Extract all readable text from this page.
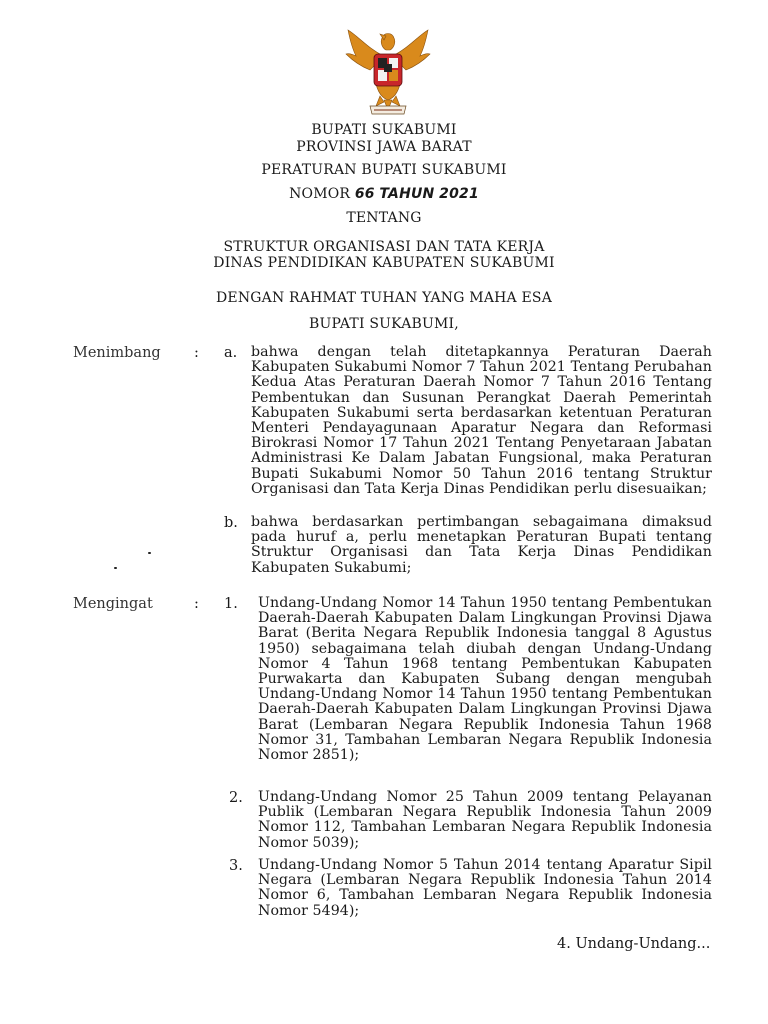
BUPATI SUKABUMI
PROVINSI JAWA BARAT
PERATURAN BUPATI SUKABUMI
NOMOR 66 TAHUN 2021
TENTANG
STRUKTUR ORGANISASI DAN TATA KERJA
DINAS PENDIDIKAN KABUPATEN SUKABUMI
DENGAN RAHMAT TUHAN YANG MAHA ESA
BUPATI SUKABUMI,
Menimbang : a. bahwa dengan telah ditetapkannya Peraturan Daerah Kabupaten Sukabumi Nomor 7 Tahun 2021 Tentang Perubahan Kedua Atas Peraturan Daerah Nomor 7 Tahun 2016 Tentang Pembentukan dan Susunan Perangkat Daerah Pemerintah Kabupaten Sukabumi serta berdasarkan ketentuan Peraturan Menteri Pendayagunaan Aparatur Negara dan Reformasi Birokrasi Nomor 17 Tahun 2021 Tentang Penyetaraan Jabatan Administrasi Ke Dalam Jabatan Fungsional, maka Peraturan Bupati Sukabumi Nomor 50 Tahun 2016 tentang Struktur Organisasi dan Tata Kerja Dinas Pendidikan perlu disesuaikan;
b. bahwa berdasarkan pertimbangan sebagaimana dimaksud pada huruf a, perlu menetapkan Peraturan Bupati tentang Struktur Organisasi dan Tata Kerja Dinas Pendidikan Kabupaten Sukabumi;
Mengingat	: 1. Undang-Undang Nomor 14 Tahun 1950 tentang Pembentukan Daerah-Daerah Kabupaten Dalam Lingkungan Provinsi Djawa Barat (Berita Negara Republik Indonesia tanggal 8 Agustus 1950) sebagaimana telah diubah dengan Undang-Undang Nomor 4 Tahun 1968 tentang Pembentukan Kabupaten Purwakarta dan Kabupaten Subang dengan mengubah Undang-Undang Nomor 14 Tahun 1950 tentang Pembentukan Daerah-Daerah Kabupaten Dalam Lingkungan Provinsi Djawa Barat (Lembaran Negara Republik Indonesia Tahun 1968 Nomor 31, Tambahan Lembaran Negara Republik Indonesia Nomor 2851);
2. Undang-Undang Nomor 25 Tahun 2009 tentang Pelayanan Publik (Lembaran Negara Republik Indonesia Tahun 2009 Nomor 112, Tambahan Lembaran Negara Republik Indonesia Nomor 5039);
3. Undang-Undang Nomor 5 Tahun 2014 tentang Aparatur Sipil Negara (Lembaran Negara Republik Indonesia Tahun 2014 Nomor 6, Tambahan Lembaran Negara Republik Indonesia Nomor 5494);
4. Undang-Undang...
